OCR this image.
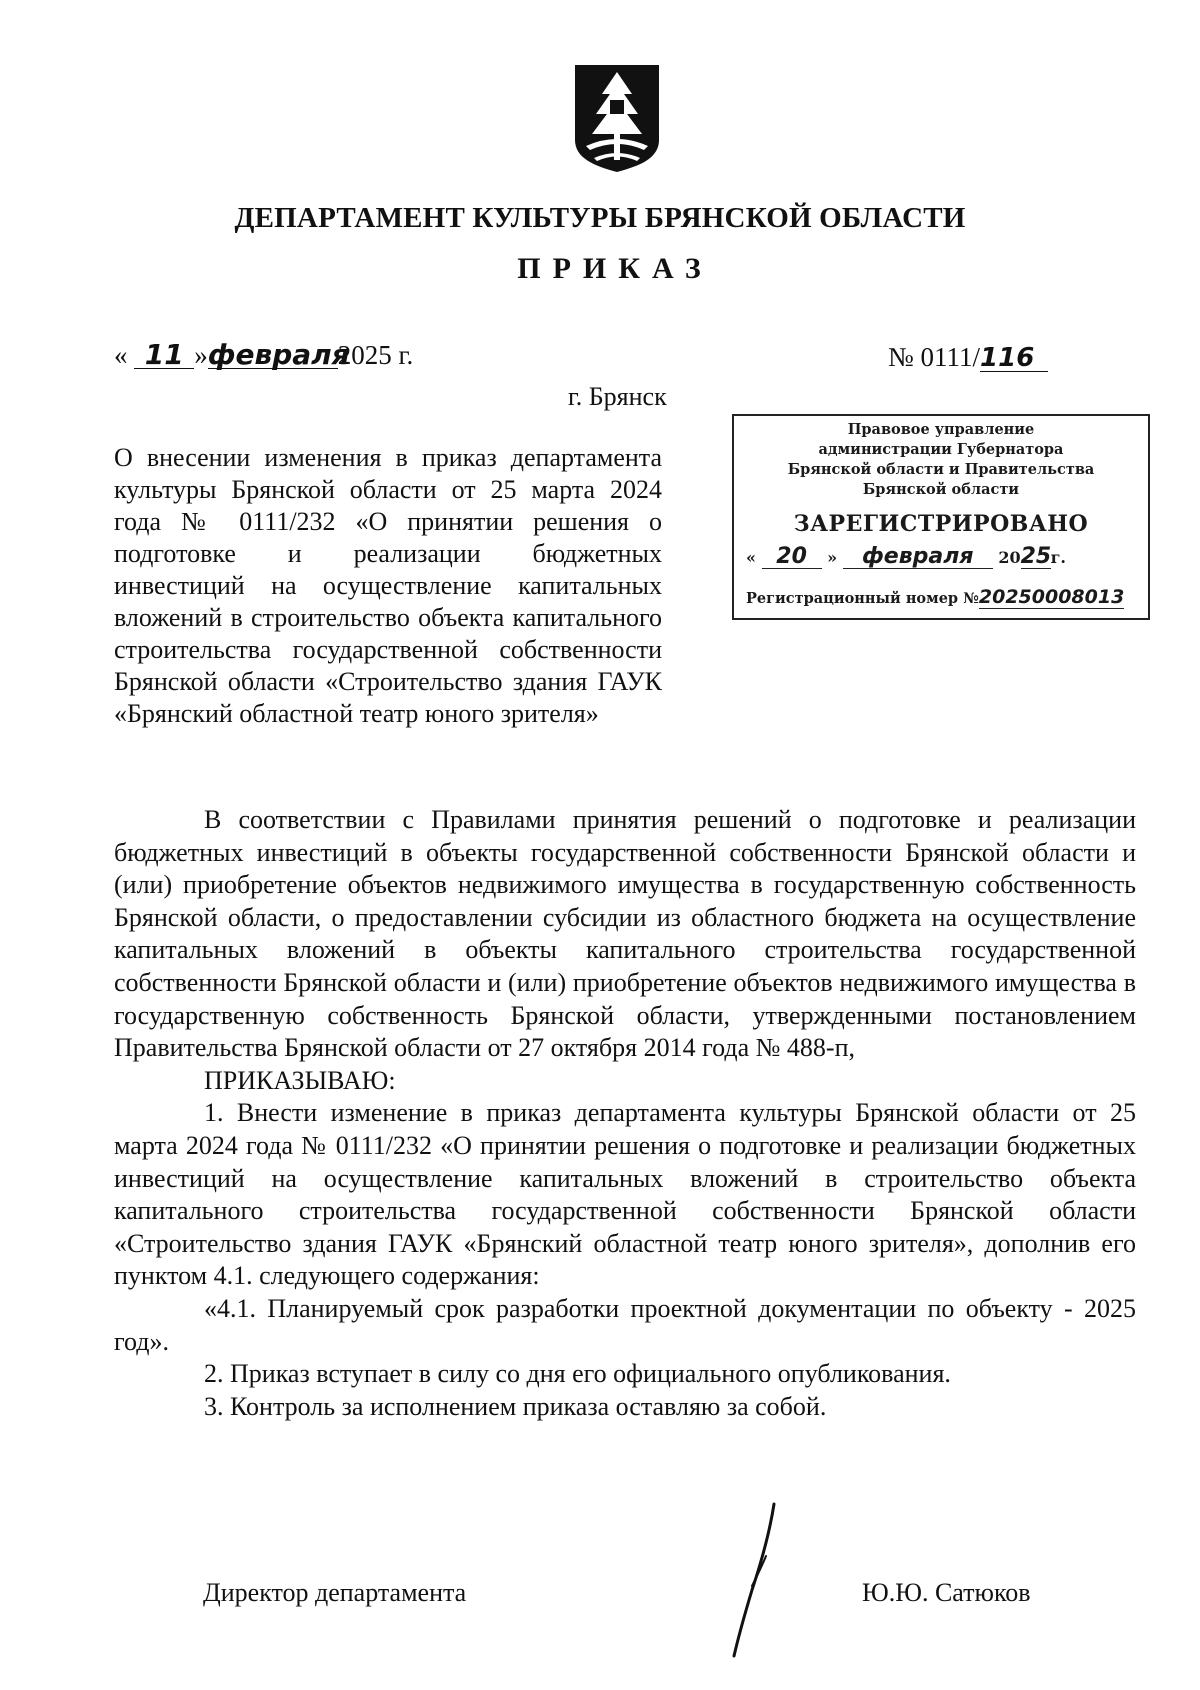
ДЕПАРТАМЕНТ КУЛЬТУРЫ БРЯНСКОЙ ОБЛАСТИ
ПРИКАЗ
« 11 »февраля2025 г.	№ 0111/116
г. Брянск
О внесении изменения в приказ департамента культуры Брянской области от 25 марта 2024 года № 0111/232 «О принятии решения о подготовке и реализации бюджетных инвестиций на осуществление капитальных вложений в строительство объекта капитального строительства государственной собственности Брянской области «Строительство здания ГАУК «Брянский областной театр юного зрителя»
Правовое управление
администрации Губернатора
Брянской области и Правительства
Брянской области
ЗАРЕГИСТРИРОВАНО
« 20 » февраля 2025г.
Регистрационный номер №20250008013

В соответствии с Правилами принятия решений о подготовке и реализации бюджетных инвестиций в объекты государственной собственности Брянской области и (или) приобретение объектов недвижимого имущества в государственную собственность Брянской области, о предоставлении субсидии из областного бюджета на осуществление капитальных вложений в объекты капитального строительства государственной собственности Брянской области и (или) приобретение объектов недвижимого имущества в государственную собственность Брянской области, утвержденными постановлением Правительства Брянской области от 27 октября 2014 года № 488-п,

ПРИКАЗЫВАЮ:

1. Внести изменение в приказ департамента культуры Брянской области от 25 марта 2024 года № 0111/232 «О принятии решения о подготовке и реализации бюджетных инвестиций на осуществление капитальных вложений в строительство объекта капитального строительства государственной собственности Брянской области «Строительство здания ГАУК «Брянский областной театр юного зрителя», дополнив его пунктом 4.1. следующего содержания:

«4.1. Планируемый срок разработки проектной документации по объекту - 2025 год».

2. Приказ вступает в силу со дня его официального опубликования.

3. Контроль за исполнением приказа оставляю за собой.

Директор департамента	Ю.Ю. Сатюков
